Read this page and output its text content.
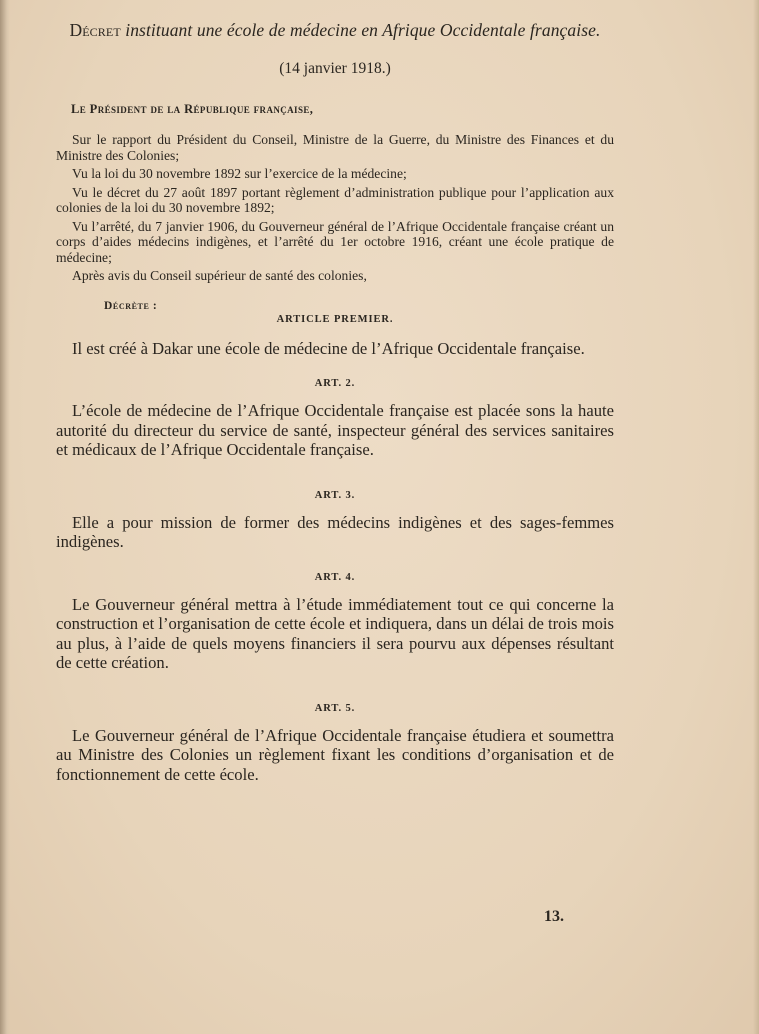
Décret instituant une école de médecine en Afrique Occidentale française.
(14 janvier 1918.)
Le Président de la République française,

Sur le rapport du Président du Conseil, Ministre de la Guerre, du Ministre des Finances et du Ministre des Colonies;

Vu la loi du 30 novembre 1892 sur l’exercice de la médecine;

Vu le décret du 27 août 1897 portant règlement d’administration publique pour l’application aux colonies de la loi du 30 novembre 1892;

Vu l’arrêté, du 7 janvier 1906, du Gouverneur général de l’Afrique Occidentale française créant un corps d’aides médecins indigènes, et l’arrêté du 1er octobre 1916, créant une école pratique de médecine;

Après avis du Conseil supérieur de santé des colonies,

Décrète :
ARTICLE PREMIER.
Il est créé à Dakar une école de médecine de l’Afrique Occidentale française.
ART. 2.
L’école de médecine de l’Afrique Occidentale française est placée sons la haute autorité du directeur du service de santé, inspecteur général des services sanitaires et médicaux de l’Afrique Occidentale française.
ART. 3.
Elle a pour mission de former des médecins indigènes et des sages-femmes indigènes.
ART. 4.
Le Gouverneur général mettra à l’étude immédiatement tout ce qui concerne la construction et l’organisation de cette école et indiquera, dans un délai de trois mois au plus, à l’aide de quels moyens financiers il sera pourvu aux dépenses résultant de cette création.
ART. 5.
Le Gouverneur général de l’Afrique Occidentale française étudiera et soumettra au Ministre des Colonies un règlement fixant les conditions d’organisation et de fonctionnement de cette école.
13.
